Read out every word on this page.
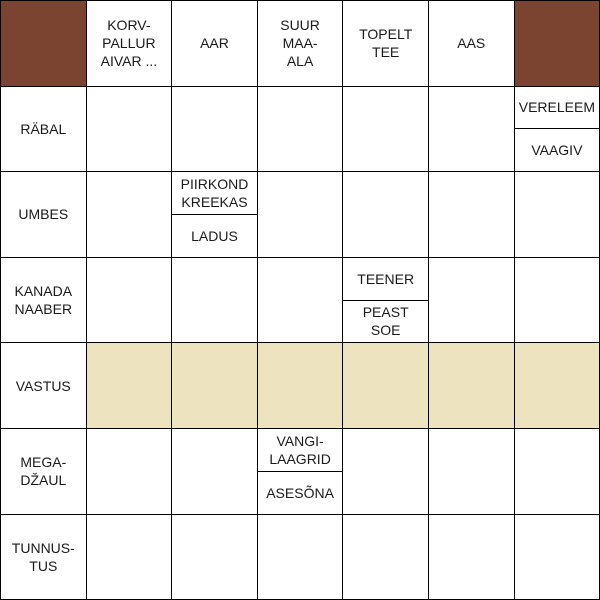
KORV-
PALLUR
AIVAR ...
AAR
SUUR MAA-
ALA
TOPELT
TEE
AAS
RÄBAL
VERELEEM
VAAGIV
UMBES
PIIRKOND
KREEKAS
LADUS
KANADA
NAABER
TEENER
PEAST
SOE
VASTUS
MEGA-
DŽAUL
VANGI-
LAAGRID
ASESÕNA
TUNNUS-
TUS
